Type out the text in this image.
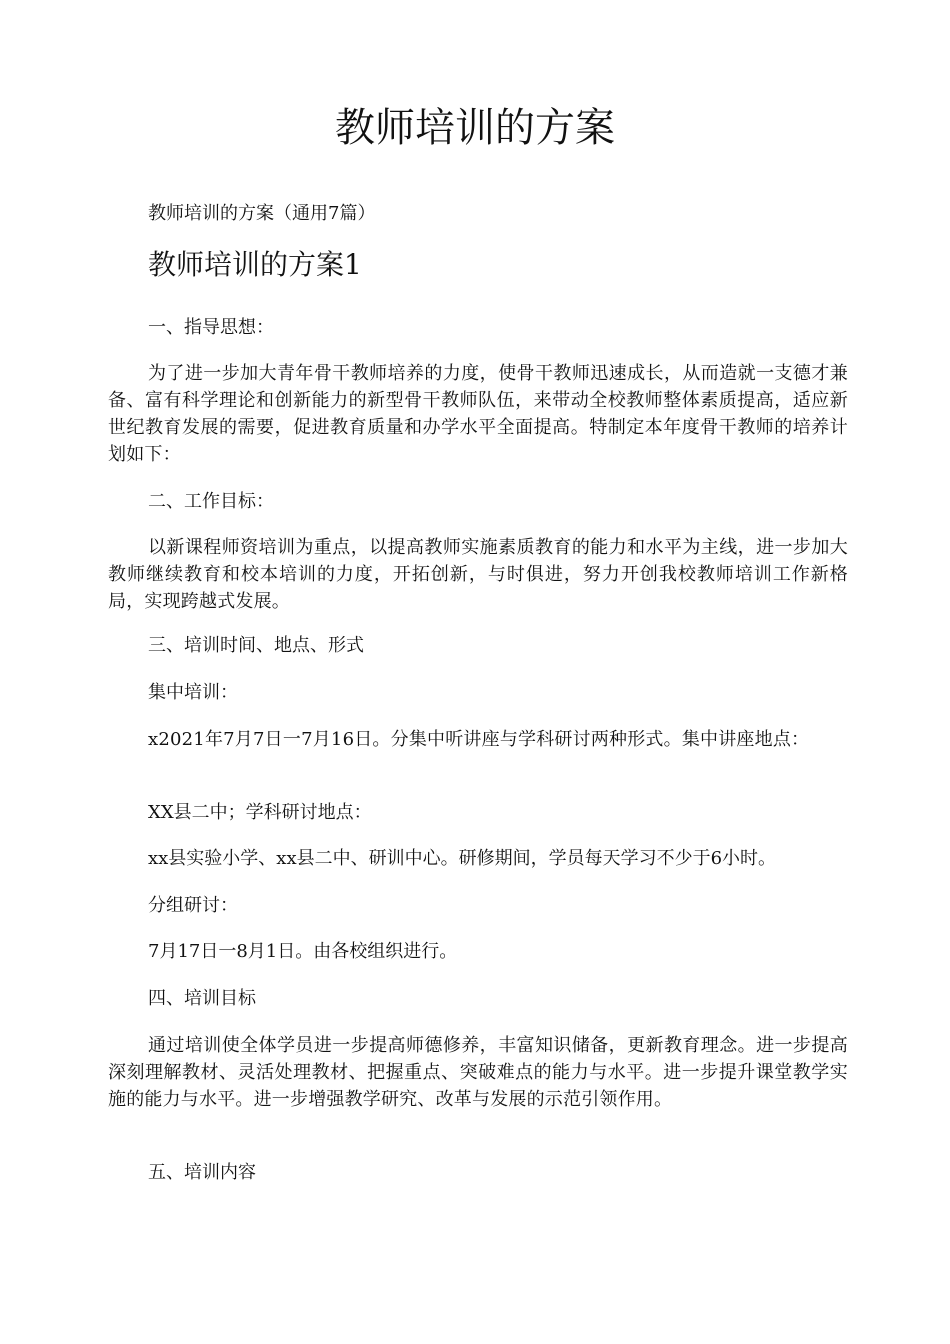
教师培训的方案

教师培训的方案（通用7篇）

教师培训的方案1

一、指导思想：

为了进一步加大青年骨干教师培养的力度，使骨干教师迅速成长，从而造就一支德才兼备、富有科学理论和创新能力的新型骨干教师队伍，来带动全校教师整体素质提高，适应新世纪教育发展的需要，促进教育质量和办学水平全面提高。特制定本年度骨干教师的培养计划如下：

二、工作目标：

以新课程师资培训为重点，以提高教师实施素质教育的能力和水平为主线，进一步加大教师继续教育和校本培训的力度，开拓创新，与时俱进，努力开创我校教师培训工作新格局，实现跨越式发展。

三、培训时间、地点、形式

集中培训：

x2021年7月7日一7月16日。分集中听讲座与学科研讨两种形式。集中讲座地点：

XX县二中；学科研讨地点：

xx县实验小学、xx县二中、研训中心。研修期间，学员每天学习不少于6小时。

分组研讨：

7月17日一8月1日。由各校组织进行。

四、培训目标

通过培训使全体学员进一步提高师德修养，丰富知识储备，更新教育理念。进一步提高深刻理解教材、灵活处理教材、把握重点、突破难点的能力与水平。进一步提升课堂教学实施的能力与水平。进一步增强教学研究、改革与发展的示范引领作用。

五、培训内容
